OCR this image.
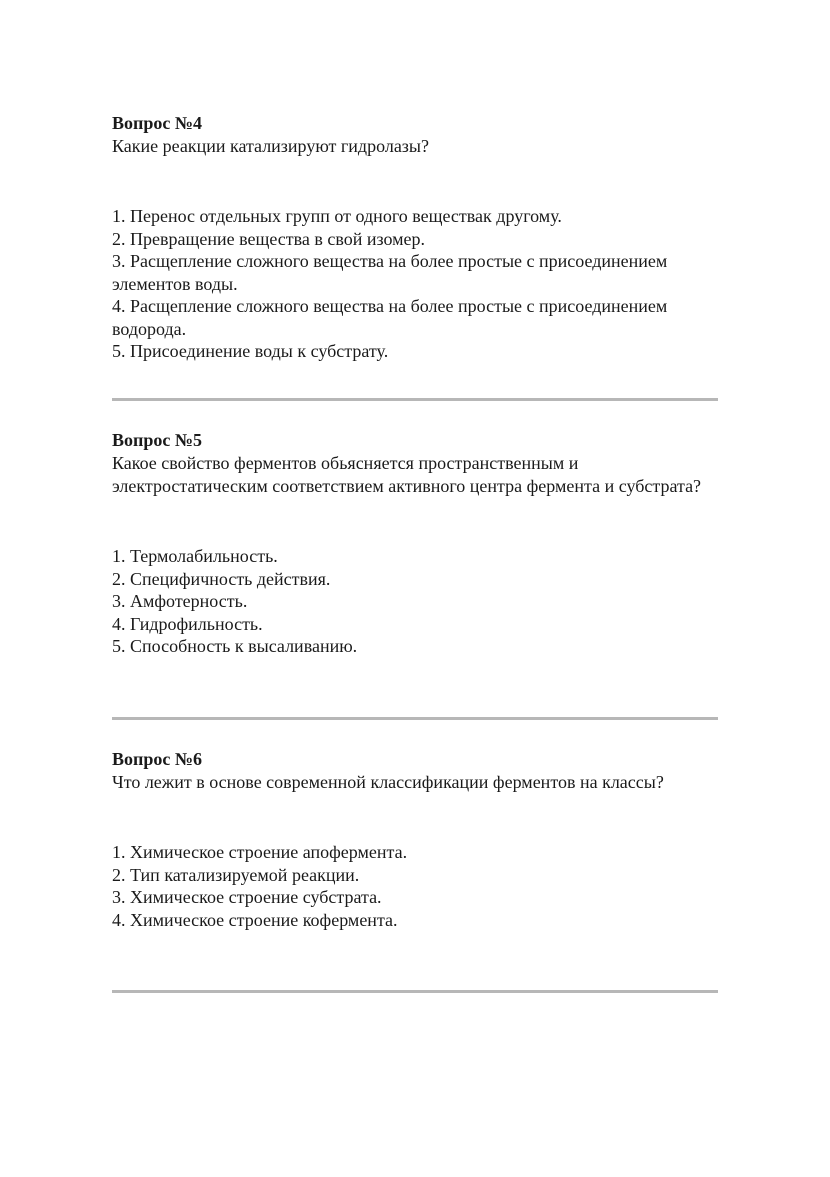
Вопрос №4

Какие реакции катализируют гидролазы?

1. Перенос отдельных групп от одного веществак другому.
2. Превращение вещества в свой изомер.
3. Расщепление сложного вещества на более простые с присоединением элементов воды.
4. Расщепление сложного вещества на более простые с присоединением водорода.
5. Присоединение воды к субстрату.

Вопрос №5

Какое свойство ферментов обьясняется пространственным и электростатическим соответствием активного центра фермента и субстрата?

1. Термолабильность.
2. Специфичность действия.
3. Амфотерность.
4. Гидрофильность.
5. Способность к высаливанию.

Вопрос №6

Что лежит в основе современной классификации ферментов на классы?

1. Химическое строение апофермента.
2. Тип катализируемой реакции.
3. Химическое строение субстрата.
4. Химическое строение кофермента.
